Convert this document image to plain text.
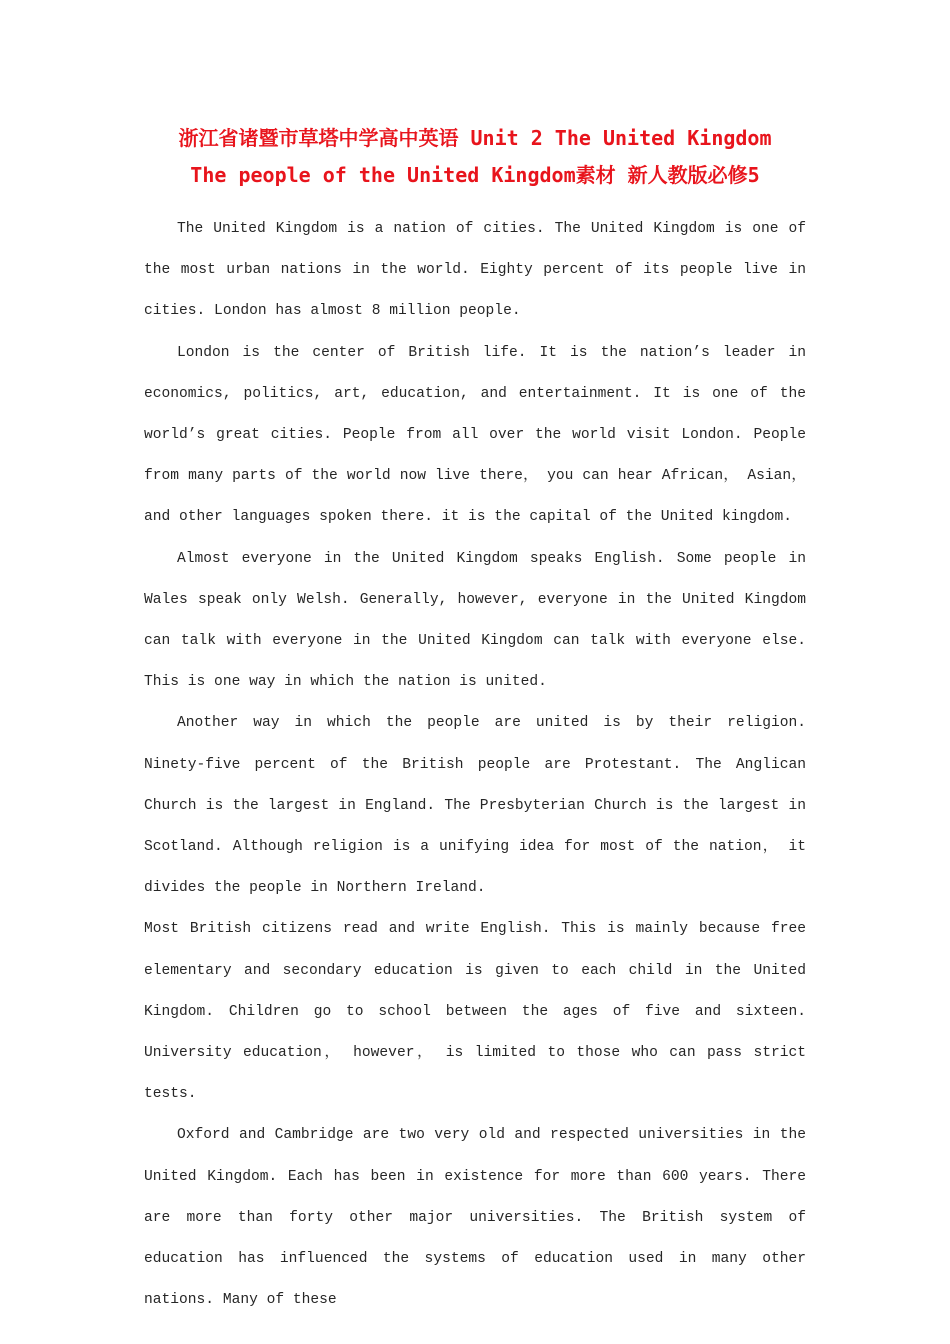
浙江省诸暨市草塔中学高中英语 Unit 2 The United Kingdom
The people of the United Kingdom素材 新人教版必修5

The United Kingdom is a nation of cities. The United Kingdom is one of the most urban nations in the world. Eighty percent of its people live in cities. London has almost 8 million people.

London is the center of British life. It is the nation’s leader in economics, politics, art, education, and entertainment. It is one of the world’s great cities. People from all over the world visit London. People from many parts of the world now live there， you can hear African， Asian， and other languages spoken there. it is the capital of the United kingdom.

Almost everyone in the United Kingdom speaks English. Some people in Wales speak only Welsh. Generally, however, everyone in the United Kingdom can talk with everyone in the United Kingdom can talk with everyone else. This is one way in which the nation is united.

Another way in which the people are united is by their religion. Ninety-five percent of the British people are Protestant. The Anglican Church is the largest in England. The Presbyterian Church is the largest in Scotland. Although religion is a unifying idea for most of the nation， it divides the people in Northern Ireland.

Most British citizens read and write English. This is mainly because free elementary and secondary education is given to each child in the United Kingdom. Children go to school between the ages of five and sixteen. University education， however， is limited to those who can pass strict tests.

Oxford and Cambridge are two very old and respected universities in the United Kingdom. Each has been in existence for more than 600 years. There are more than forty other major universities. The British system of education has influenced the systems of education used in many other nations. Many of these
